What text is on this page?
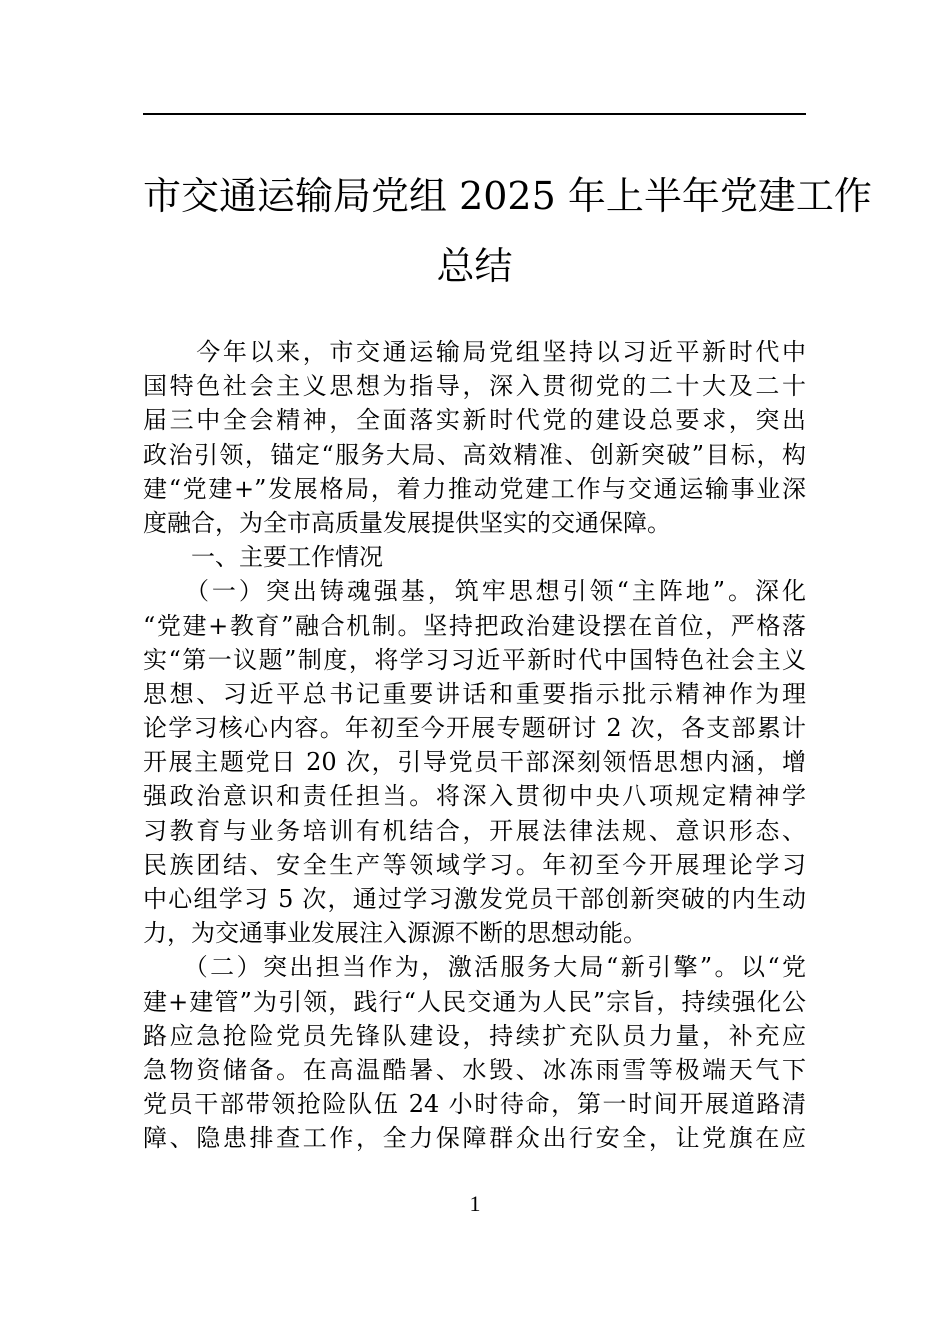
市交通运输局党组 2025 年上半年党建工作
总结
　　今年以来，市交通运输局党组坚持以习近平新时代中
国特色社会主义思想为指导，深入贯彻党的二十大及二十
届三中全会精神，全面落实新时代党的建设总要求，突出
政治引领，锚定“服务大局、高效精准、创新突破”目标，构
建“党建+”发展格局，着力推动党建工作与交通运输事业深
度融合，为全市高质量发展提供坚实的交通保障。
　　一、主要工作情况
　　（一）突出铸魂强基，筑牢思想引领“主阵地”。深化
“党建+教育”融合机制。坚持把政治建设摆在首位，严格落
实“第一议题”制度，将学习习近平新时代中国特色社会主义
思想、习近平总书记重要讲话和重要指示批示精神作为理
论学习核心内容。年初至今开展专题研讨 2 次，各支部累计
开展主题党日 20 次，引导党员干部深刻领悟思想内涵，增
强政治意识和责任担当。将深入贯彻中央八项规定精神学
习教育与业务培训有机结合，开展法律法规、意识形态、
民族团结、安全生产等领域学习。年初至今开展理论学习
中心组学习 5 次，通过学习激发党员干部创新突破的内生动
力，为交通事业发展注入源源不断的思想动能。
　　（二）突出担当作为，激活服务大局“新引擎”。以“党
建+建管”为引领，践行“人民交通为人民”宗旨，持续强化公
路应急抢险党员先锋队建设，持续扩充队员力量，补充应
急物资储备。在高温酷暑、水毁、冰冻雨雪等极端天气下
党员干部带领抢险队伍 24 小时待命，第一时间开展道路清
障、隐患排查工作，全力保障群众出行安全，让党旗在应
1
